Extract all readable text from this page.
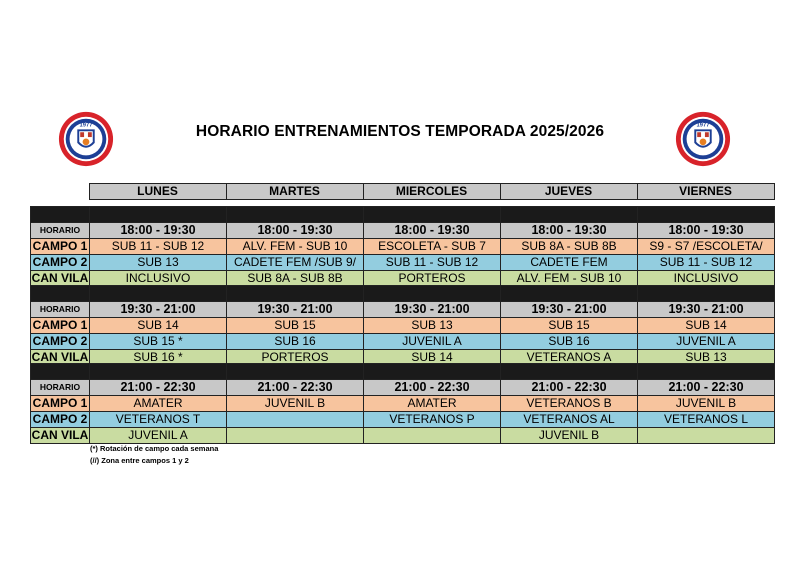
1977	1977
HORARIO ENTRENAMIENTOS TEMPORADA 2025/2026
	LUNES	MARTES	MIERCOLES	JUEVES	VIERNES

HORARIO	18:00 - 19:30	18:00 - 19:30	18:00 - 19:30	18:00 - 19:30	18:00 - 19:30
CAMPO 1	SUB 11 - SUB 12	ALV. FEM - SUB 10	ESCOLETA - SUB 7	SUB 8A - SUB 8B	S9 - S7 /ESCOLETA/
CAMPO 2	SUB 13	CADETE FEM /SUB 9/	SUB 11 - SUB 12	CADETE FEM	SUB 11 - SUB 12
CAN VILA	INCLUSIVO	SUB 8A - SUB 8B	PORTEROS	ALV. FEM - SUB 10	INCLUSIVO

HORARIO	19:30 - 21:00	19:30 - 21:00	19:30 - 21:00	19:30 - 21:00	19:30 - 21:00
CAMPO 1	SUB 14	SUB 15	SUB 13	SUB 15	SUB 14
CAMPO 2	SUB 15 *	SUB 16	JUVENIL A	SUB 16	JUVENIL A
CAN VILA	SUB 16 *	PORTEROS	SUB 14	VETERANOS A	SUB 13

HORARIO	21:00 - 22:30	21:00 - 22:30	21:00 - 22:30	21:00 - 22:30	21:00 - 22:30
CAMPO 1	AMATER	JUVENIL B	AMATER	VETERANOS B	JUVENIL B
CAMPO 2	VETERANOS T		VETERANOS P	VETERANOS AL	VETERANOS L
CAN VILA	JUVENIL A			JUVENIL B	
(*) Rotación de campo cada semana
(//) Zona entre campos 1 y 2
